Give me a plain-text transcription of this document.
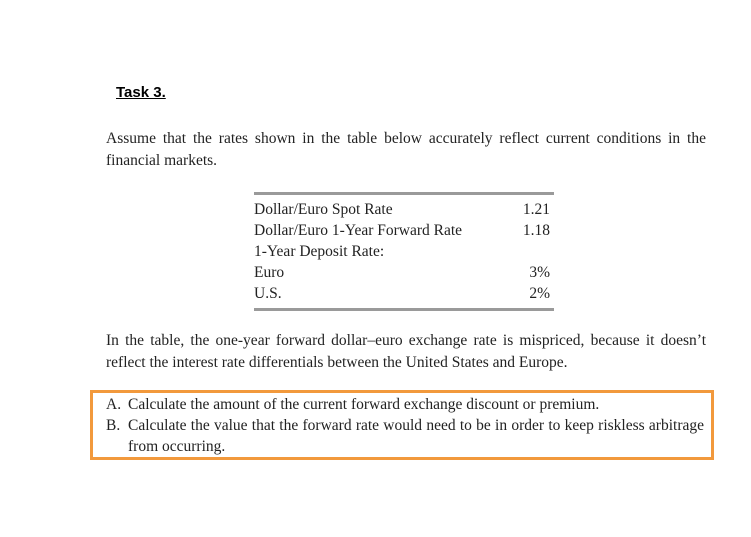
Task 3.
Assume that the rates shown in the table below accurately reflect current conditions in the financial markets.

Dollar/Euro Spot Rate	1.21
Dollar/Euro 1-Year Forward Rate	1.18
1-Year Deposit Rate:	
Euro	3%
U.S.	2%

In the table, the one-year forward dollar–euro exchange rate is mispriced, because it doesn’t reflect the interest rate differentials between the United States and Europe.
A. Calculate the amount of the current forward exchange discount or premium.
B. Calculate the value that the forward rate would need to be in order to keep riskless arbitrage from occurring.
